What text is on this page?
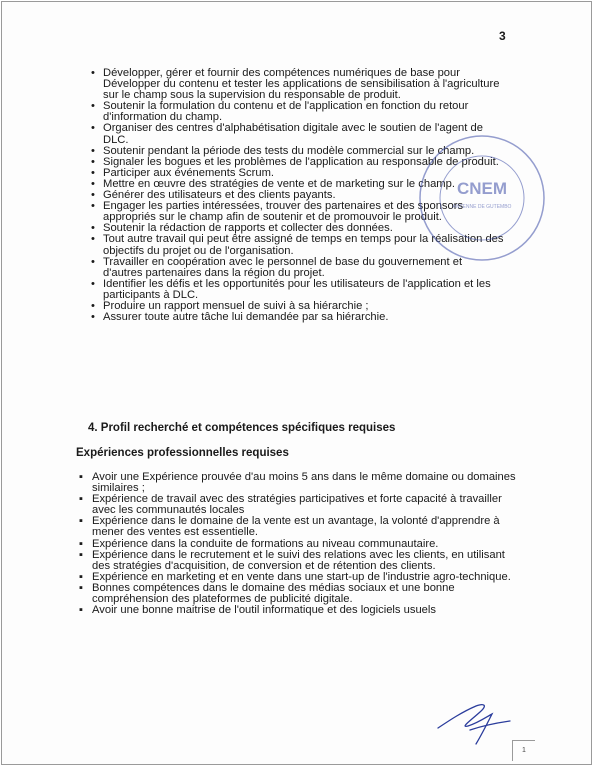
3
• Développer, gérer et fournir des compétences numériques de base pour Développer du contenu et tester les applications de sensibilisation à l'agriculture sur le champ sous la supervision du responsable de produit.
• Soutenir la formulation du contenu et de l'application en fonction du retour d'information du champ.
• Organiser des centres d'alphabétisation digitale avec le soutien de l'agent de DLC.
• Soutenir pendant la période des tests du modèle commercial sur le champ.
• Signaler les bogues et les problèmes de l'application au responsable de produit.
• Participer aux événements Scrum.
• Mettre en œuvre des stratégies de vente et de marketing sur le champ.
• Générer des utilisateurs et des clients payants.
• Engager les parties intéressées, trouver des partenaires et des sponsors appropriés sur le champ afin de soutenir et de promouvoir le produit.
• Soutenir la rédaction de rapports et collecter des données.
• Tout autre travail qui peut être assigné de temps en temps pour la réalisation des objectifs du projet ou de l'organisation.
• Travailler en coopération avec le personnel de base du gouvernement et d'autres partenaires dans la région du projet.
• Identifier les défis et les opportunités pour les utilisateurs de l'application et les participants à DLC.
• Produire un rapport mensuel de suivi à sa hiérarchie ;
• Assurer toute autre tâche lui demandée par sa hiérarchie.
CNEM
ANTENNE DE GUTEMBO
4. Profil recherché et compétences spécifiques requises
Expériences professionnelles requises
▪ Avoir une Expérience prouvée d'au moins 5 ans dans le même domaine ou domaines similaires ;
▪ Expérience de travail avec des stratégies participatives et forte capacité à travailler avec les communautés locales
▪ Expérience dans le domaine de la vente est un avantage, la volonté d'apprendre à mener des ventes est essentielle.
▪ Expérience dans la conduite de formations au niveau communautaire.
▪ Expérience dans le recrutement et le suivi des relations avec les clients, en utilisant des stratégies d'acquisition, de conversion et de rétention des clients.
▪ Expérience en marketing et en vente dans une start-up de l'industrie agro-technique.
▪ Bonnes compétences dans le domaine des médias sociaux et une bonne compréhension des plateformes de publicité digitale.
▪ Avoir une bonne maitrise de l'outil informatique et des logiciels usuels
1
